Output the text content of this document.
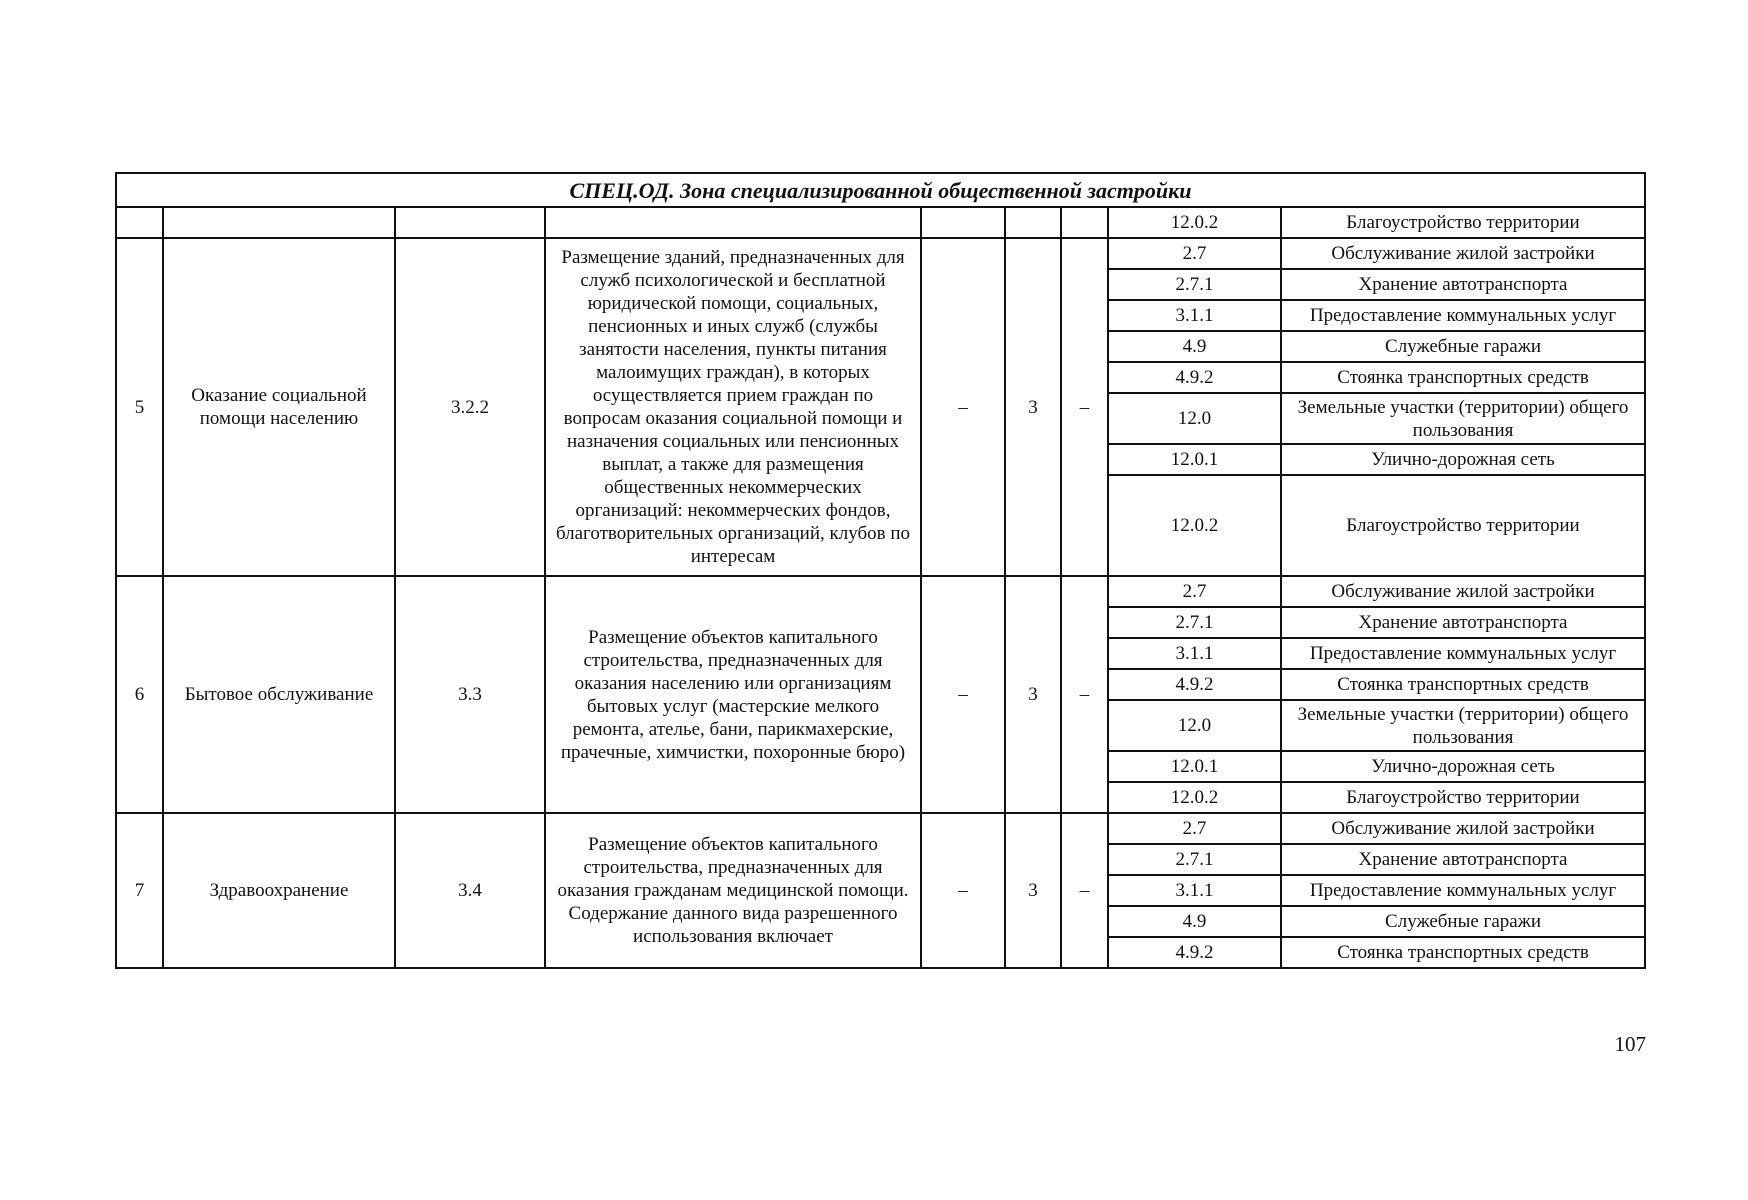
СПЕЦ.ОД. Зона специализированной общественной застройки								
							12.0.2	Благоустройство территории
5	Оказание социальной помощи населению	3.2.2	Размещение зданий, предназначенных для служб психологической и бесплатной юридической помощи, социальных, пенсионных и иных служб (службы занятости населения, пункты питания малоимущих граждан), в которых осуществляется прием граждан по вопросам оказания социальной помощи и назначения социальных или пенсионных выплат, а также для размещения общественных некоммерческих организаций: некоммерческих фондов, благотворительных организаций, клубов по интересам	–	3	–	2.7	Обслуживание жилой застройки
							2.7.1	Хранение автотранспорта
							3.1.1	Предоставление коммунальных услуг
							4.9	Служебные гаражи
							4.9.2	Стоянка транспортных средств
							12.0	Земельные участки (территории) общего пользования
							12.0.1	Улично-дорожная сеть
							12.0.2	Благоустройство территории
6	Бытовое обслуживание	3.3	Размещение объектов капитального строительства, предназначенных для оказания населению или организациям бытовых услуг (мастерские мелкого ремонта, ателье, бани, парикмахерские, прачечные, химчистки, похоронные бюро)	–	3	–	2.7	Обслуживание жилой застройки
							2.7.1	Хранение автотранспорта
							3.1.1	Предоставление коммунальных услуг
							4.9.2	Стоянка транспортных средств
							12.0	Земельные участки (территории) общего пользования
							12.0.1	Улично-дорожная сеть
							12.0.2	Благоустройство территории
7	Здравоохранение	3.4	Размещение объектов капитального строительства, предназначенных для оказания гражданам медицинской помощи. Содержание данного вида разрешенного использования включает	–	3	–	2.7	Обслуживание жилой застройки
							2.7.1	Хранение автотранспорта
							3.1.1	Предоставление коммунальных услуг
							4.9	Служебные гаражи
							4.9.2	Стоянка транспортных средств
107
